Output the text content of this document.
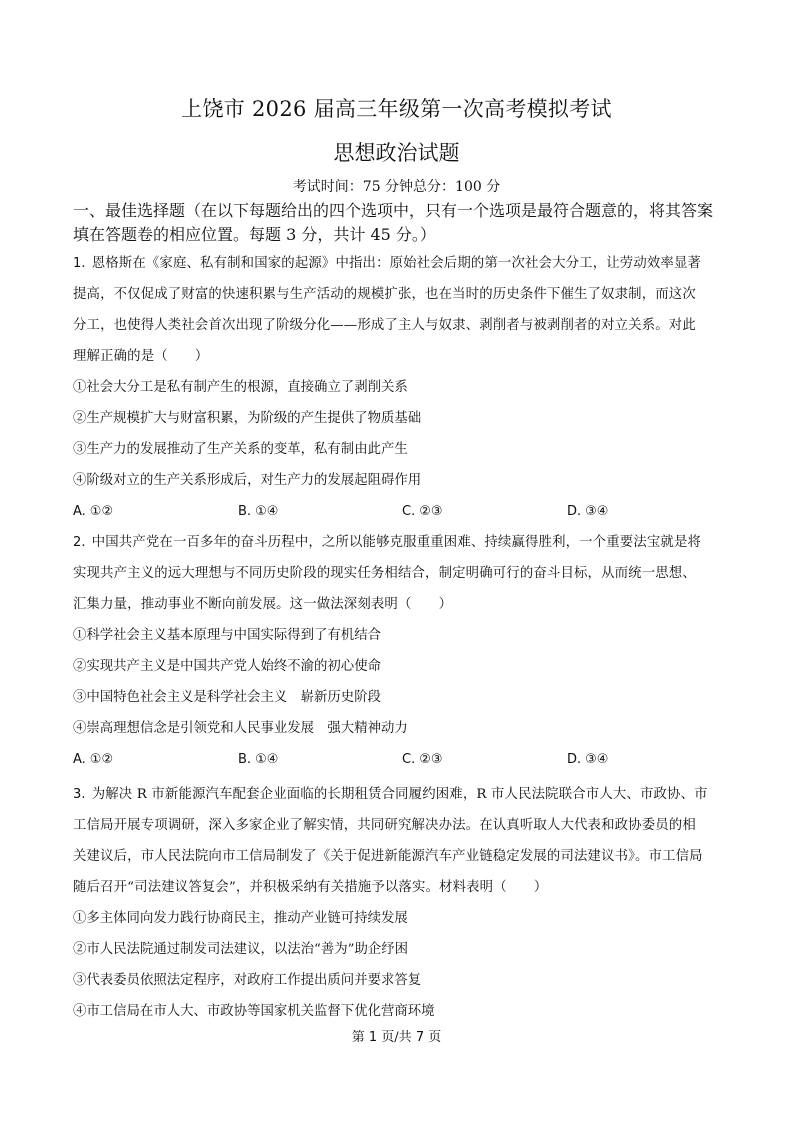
上饶市 2026 届高三年级第一次高考模拟考试
思想政治试题
考试时间：75 分钟总分：100 分
一、最佳选择题（在以下每题给出的四个选项中，只有一个选项是最符合题意的，将其答案
填在答题卷的相应位置。每题 3 分，共计 45 分。）
1. 恩格斯在《家庭、私有制和国家的起源》中指出：原始社会后期的第一次社会大分工，让劳动效率显著
提高，不仅促成了财富的快速积累与生产活动的规模扩张，也在当时的历史条件下催生了奴隶制，而这次
分工，也使得人类社会首次出现了阶级分化——形成了主人与奴隶、剥削者与被剥削者的对立关系。对此
理解正确的是（　　）
①社会大分工是私有制产生的根源，直接确立了剥削关系
②生产规模扩大与财富积累，为阶级的产生提供了物质基础
③生产力的发展推动了生产关系的变革，私有制由此产生
④阶级对立的生产关系形成后，对生产力的发展起阻碍作用
A. ①②	B. ①④	C. ②③	D. ③④
2. 中国共产党在一百多年的奋斗历程中，之所以能够克服重重困难、持续赢得胜利，一个重要法宝就是将
实现共产主义的远大理想与不同历史阶段的现实任务相结合，制定明确可行的奋斗目标，从而统一思想、
汇集力量，推动事业不断向前发展。这一做法深刻表明（　　）
①科学社会主义基本原理与中国实际得到了有机结合
②实现共产主义是中国共产党人始终不渝的初心使命
③中国特色社会主义是科学社会主义　崭新历史阶段
④崇高理想信念是引领党和人民事业发展　强大精神动力
A. ①②	B. ①④	C. ②③	D. ③④
3. 为解决 R 市新能源汽车配套企业面临的长期租赁合同履约困难，R 市人民法院联合市人大、市政协、市
工信局开展专项调研，深入多家企业了解实情，共同研究解决办法。在认真听取人大代表和政协委员的相
关建议后，市人民法院向市工信局制发了《关于促进新能源汽车产业链稳定发展的司法建议书》。市工信局
随后召开“司法建议答复会”，并积极采纳有关措施予以落实。材料表明（　　）
①多主体同向发力践行协商民主，推动产业链可持续发展
②市人民法院通过制发司法建议，以法治“善为”助企纾困
③代表委员依照法定程序，对政府工作提出质问并要求答复
④市工信局在市人大、市政协等国家机关监督下优化营商环境
第 1 页/共 7 页
